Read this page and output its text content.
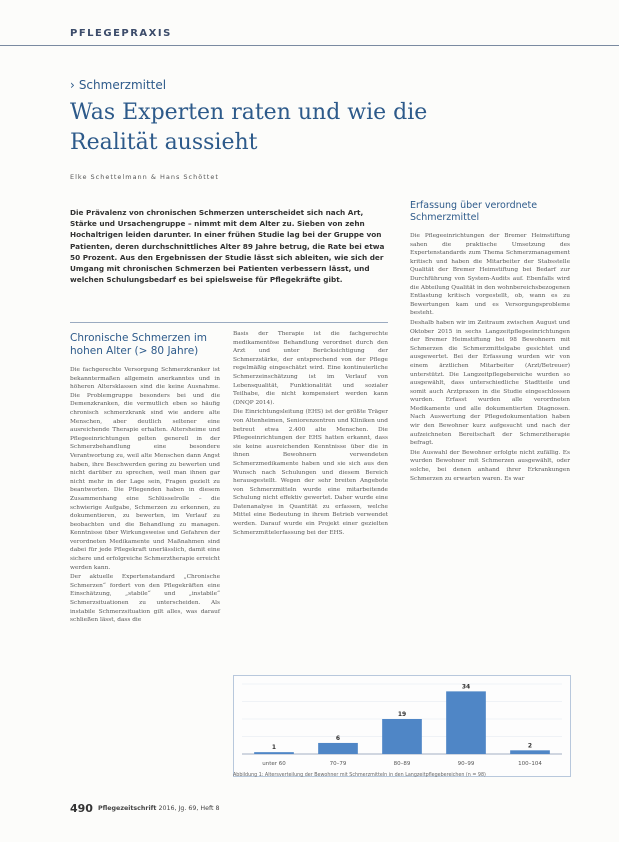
PFLEGEPRAXIS
› Schmerzmittel
Was Experten raten und wie die Realität aussieht
Elke Schettelmann & Hans Schöttet
Die Prävalenz von chronischen Schmerzen unterscheidet sich nach Art, Stärke und Ursachengruppe – nimmt mit dem Alter zu. Sieben von zehn Hochaltrigen leiden darunter. In einer frühen Studie lag bei der Gruppe von Patienten, deren durchschnittliches Alter 89 Jahre betrug, die Rate bei etwa 50 Prozent. Aus den Ergebnissen der Studie lässt sich ableiten, wie sich der Umgang mit chronischen Schmerzen bei Patienten verbessern lässt, und welchen Schulungsbedarf es bei spielsweise für Pflegekräfte gibt.
Chronische Schmerzen im hohen Alter (> 80 Jahre)

Die fachgerechte Versorgung Schmerzkranker ist bekanntermaßen allgemein anerkanntes und in höheren Altersklassen sind die keine Ausnahme. Die Problemgruppe besonders bei und die Demenzkranken, die vermutlich eben so häufig chronisch schmerzkrank sind wie andere alte Menschen, aber deutlich seltener eine ausreichende Therapie erhalten. Altersheime und Pflegeeinrichtungen gelten generell in der Schmerzbehandlung eine besondere Verantwortung zu, weil alte Menschen dann Angst haben, ihre Beschwerden gering zu bewerten und nicht darüber zu sprechen, weil man ihnen gar nicht mehr in der Lage sein, Fragen gezielt zu beantworten. Die Pflegenden haben in diesem Zusammenhang eine Schlüsselrolle – die schwierige Aufgabe, Schmerzen zu erkennen, zu dokumentieren, zu bewerten, im Verlauf zu beobachten und die Behandlung zu managen. Kenntnisse über Wirkungsweise und Gefahren der verordneten Medikamente und Maßnahmen sind dabei für jede Pflegekraft unerlässlich, damit eine sichere und erfolgreiche Schmerztherapie erreicht werden kann.

Der aktuelle Expertenstandard „Chronische Schmerzen“ fordert von den Pflegekräften eine Einschätzung, „stabile“ und „instabile“ Schmerzsituationen zu unterscheiden. Als instabile Schmerzsituation gilt alles, was darauf schließen lässt, dass die

Basis der Therapie ist die fachgerechte medikamentöse Behandlung verordnet durch den Arzt und unter Berücksichtigung der Schmerzstärke, der entsprechend von der Pflege regelmäßig eingeschätzt wird. Eine kontinuierliche Schmerzeinschätzung ist im Verlauf von Lebensqualität, Funktionalität und sozialer Teilhabe, die nicht kompensiert werden kann (DNQP 2014).

Die Einrichtungsleitung (EHS) ist der größte Träger von Altenheimen, Seniorenzentren und Kliniken und betreut etwa 2.400 alte Menschen. Die Pflegeeinrichtungen der EHS hatten erkannt, dass sie keine ausreichenden Kenntnisse über die in ihnen Bewohnern verwendeten Schmerzmedikamente haben und sie sich aus den Wunsch nach Schulungen und diesem Bereich herausgestellt. Wegen der sehr breiten Angebote von Schmerzmitteln wurde eine mitarbeitende Schulung nicht effektiv gewertet. Daher wurde eine Datenanalyse in Quantität zu erfassen, welche Mittel eine Bedeutung in ihrem Betrieb verwendet werden. Darauf wurde ein Projekt einer gezielten Schmerzmittelerfassung bei der EHS.

Erfassung über verordnete Schmerzmittel

Die Pflegeeinrichtungen der Bremer Heimstiftung sahen die praktische Umsetzung des Expertenstandards zum Thema Schmerzmanagement kritisch und haben die Mitarbeiter der Stabsstelle Qualität der Bremer Heimstiftung bei Bedarf zur Durchführung von System-Audits auf. Ebenfalls wird die Abteilung Qualität in den wohnbereichsbezogenen Entlastung kritisch vorgestellt, ob, wann es zu Bewertungen kam und es Versorgungsprobleme besteht.

Deshalb haben wir im Zeitraum zwischen August und Oktober 2015 in sechs Langzeitpflegeeinrichtungen der Bremer Heimstiftung bei 98 Bewohnern mit Schmerzen die Schmerzmittelgabe gesichtet und ausgewertet. Bei der Erfassung wurden wir von einem ärztlichen Mitarbeiter (Arzt/Betreuer) unterstützt. Die Langzeitpflegebereiche wurden so ausgewählt, dass unterschiedliche Stadtteile und somit auch Arztpraxen in die Studie eingeschlossen wurden. Erfasst wurden alle verordneten Medikamente und alle dokumentierten Diagnosen. Nach Auswertung der Pflegedokumentation haben wir den Bewohner kurz aufgesucht und nach der aufzeichneten Bereitschaft der Schmerztherapie befragt.

Die Auswahl der Bewohner erfolgte nicht zufällig. Es wurden Bewohner mit Schmerzen ausgewählt, oder solche, bei denen anhand ihrer Erkrankungen Schmerzen zu erwarten waren. Es war

1
unter 60
6
70–79
19
80–89
34
90–99
2
100–104
Abbildung 1: Altersverteilung der Bewohner mit Schmerzmitteln in den Langzeitpflegebereichen (n = 98)
490 Pflegezeitschrift 2016, Jg. 69, Heft 8
